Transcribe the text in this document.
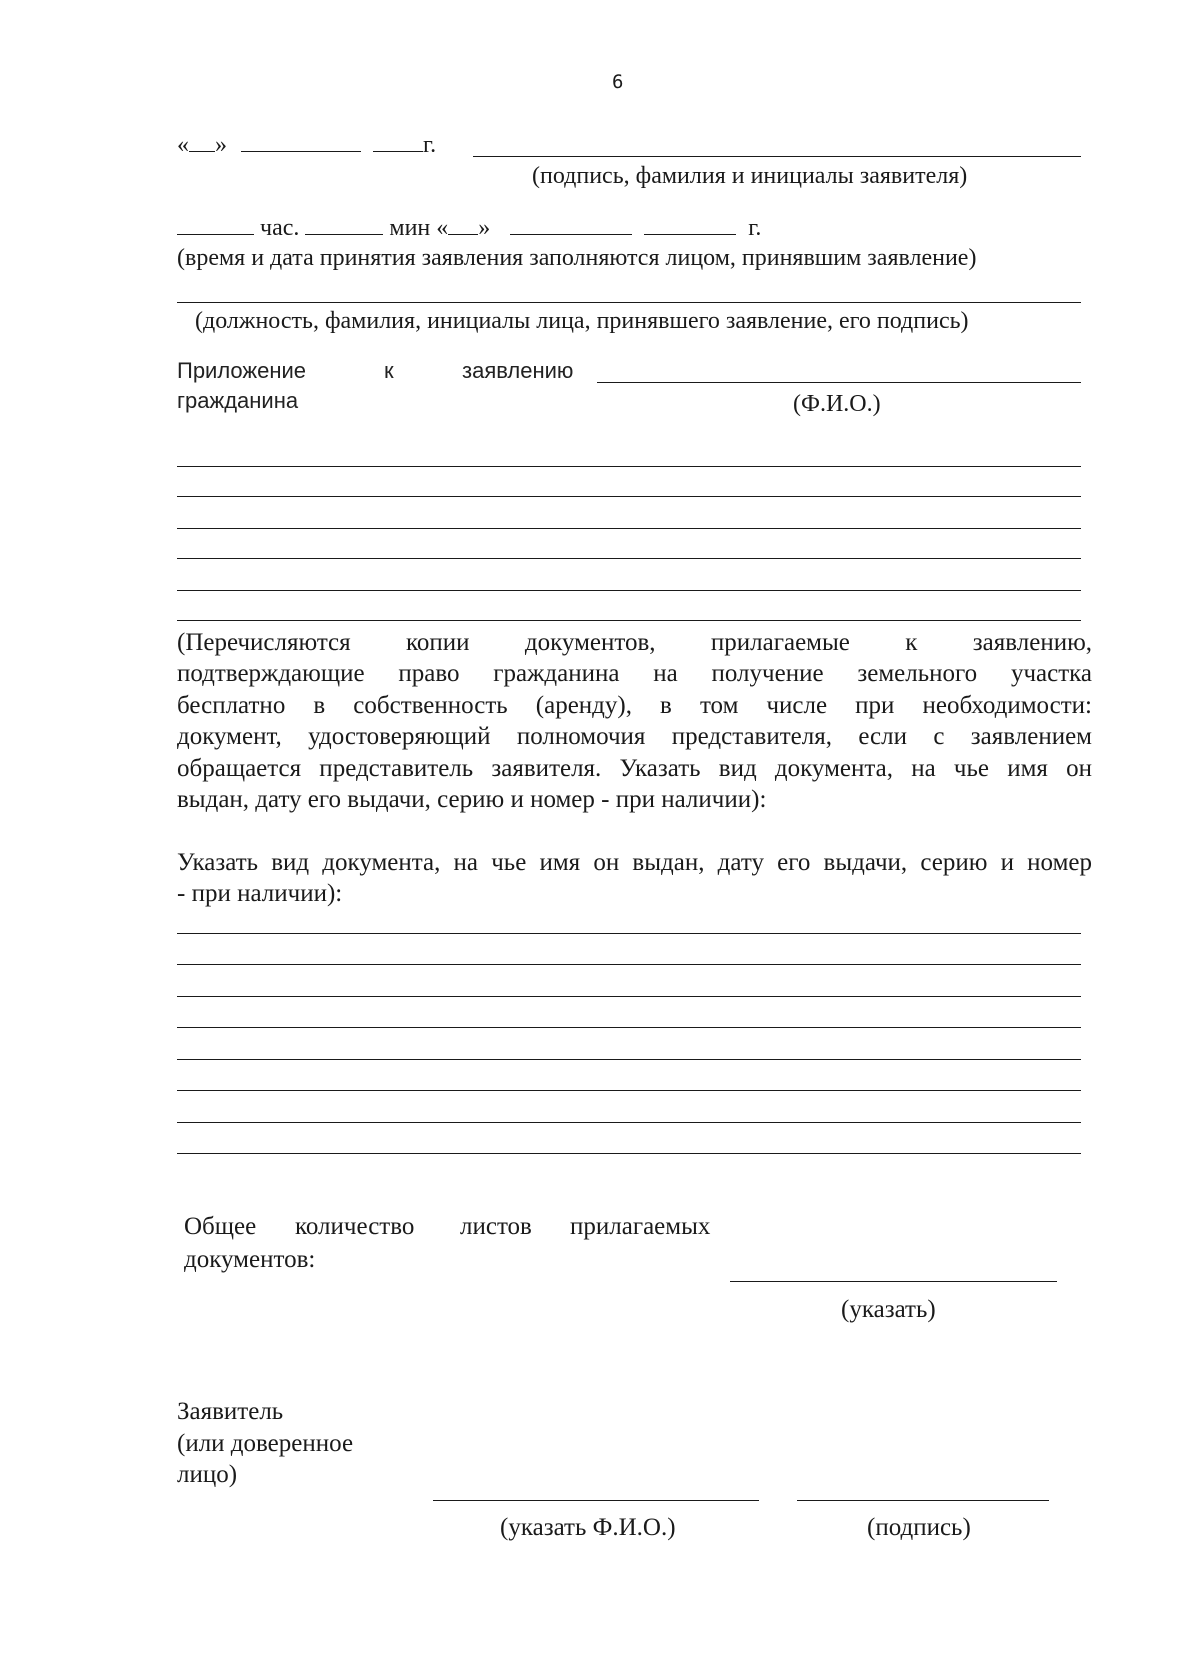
6
« »	г.
(подпись, фамилия и инициалы заявителя)
час.	мин « »	г.
(время и дата принятия заявления заполняются лицом, принявшим заявление)
(должность, фамилия, инициалы лица, принявшего заявление, его подпись)
Приложение	к	заявлению
гражданина	(Ф.И.О.)
(Перечисляются копии документов, прилагаемые к заявлению,
подтверждающие право гражданина на получение земельного участка
бесплатно в собственность (аренду), в том числе при необходимости:
документ, удостоверяющий полномочия представителя, если с заявлением
обращается представитель заявителя. Указать вид документа, на чье имя он
выдан, дату его выдачи, серию и номер - при наличии):
Указать вид документа, на чье имя он выдан, дату его выдачи, серию и номер
- при наличии):
Общее количество листов прилагаемых
документов:
(указать)
Заявитель
(или доверенное
лицо)
(указать Ф.И.О.)	(подпись)
